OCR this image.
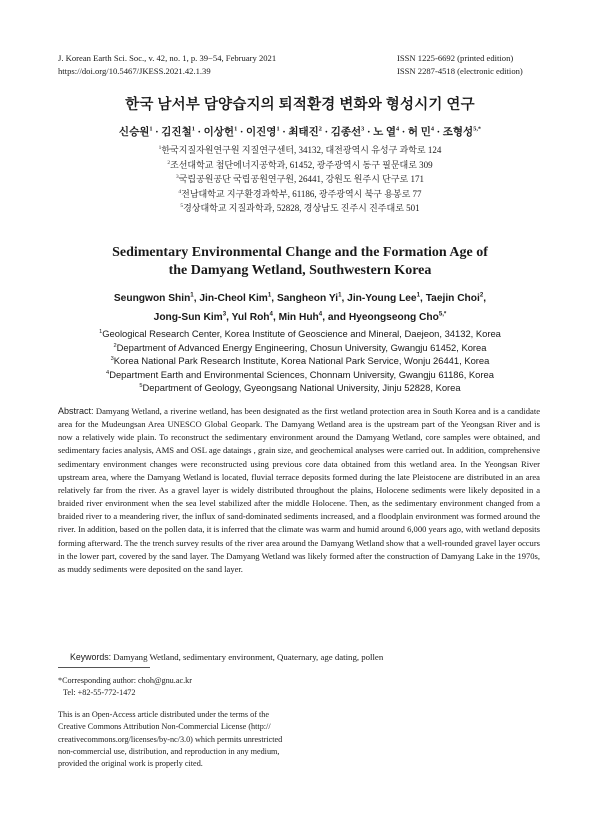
J. Korean Earth Sci. Soc., v. 42, no. 1, p. 39−54, February 2021
https://doi.org/10.5467/JKESS.2021.42.1.39
ISSN 1225-6692 (printed edition)
ISSN 2287-4518 (electronic edition)
한국 남서부 담양습지의 퇴적환경 변화와 형성시기 연구
신승원$^1$ · 김진철$^1$ · 이상헌$^1$ · 이진영$^1$ · 최태진$^2$ · 김종선$^3$ · 노 열$^4$ · 허 민$^4$ · 조형성$^{5,*}$
$^1$한국지질자원연구원 지질연구센터, 34132, 대전광역시 유성구 과학로 124
$^2$조선대학교 첨단에너지공학과, 61452, 광주광역시 동구 필문대로 309
$^3$국립공원공단 국립공원연구원, 26441, 강원도 원주시 단구로 171
$^4$전남대학교 지구환경과학부, 61186, 광주광역시 북구 용봉로 77
$^5$경상대학교 지질과학과, 52828, 경상남도 진주시 진주대로 501
Sedimentary Environmental Change and the Formation Age of
the Damyang Wetland, Southwestern Korea
Seungwon Shin$^1$, Jin-Cheol Kim$^1$, Sangheon Yi$^1$, Jin-Young Lee$^1$, Taejin Choi$^2$,
Jong-Sun Kim$^3$, Yul Roh$^4$, Min Huh$^4$, and Hyeongseong Cho$^{5,*}$
$^1$Geological Research Center, Korea Institute of Geoscience and Mineral, Daejeon, 34132, Korea
$^2$Department of Advanced Energy Engineering, Chosun University, Gwangju 61452, Korea
$^3$Korea National Park Research Institute, Korea National Park Service, Wonju 26441, Korea
$^4$Department Earth and Environmental Sciences, Chonnam University, Gwangju 61186, Korea
$^5$Department of Geology, Gyeongsang National University, Jinju 52828, Korea
Abstract: Damyang Wetland, a riverine wetland, has been designated as the first wetland protection area in South Korea and is a candidate area for the Mudeungsan Area UNESCO Global Geopark. The Damyang Wetland area is the upstream part of the Yeongsan River and is now a relatively wide plain. To reconstruct the sedimentary environment around the Damyang Wetland, core samples were obtained, and sedimentary facies analysis, AMS and OSL age dataings , grain size, and geochemical analyses were carried out. In addition, comprehensive sedimentary environment changes were reconstructed using previous core data obtained from this wetland area. In the Yeongsan River upstream area, where the Damyang Wetland is located, fluvial terrace deposits formed during the late Pleistocene are distributed in an area relatively far from the river. As a gravel layer is widely distributed throughout the plains, Holocene sediments were likely deposited in a braided river environment when the sea level stabilized after the middle Holocene. Then, as the sedimentary environment changed from a braided river to a meandering river, the influx of sand-dominated sediments increased, and a floodplain environment was formed around the river. In addition, based on the pollen data, it is inferred that the climate was warm and humid around 6,000 years ago, with wetland deposits forming afterward. The the trench survey results of the river area around the Damyang Wetland show that a well-rounded gravel layer occurs in the lower part, covered by the sand layer. The Damyang Wetland was likely formed after the construction of Damyang Lake in the 1970s, as muddy sediments were deposited on the sand layer.
Keywords: Damyang Wetland, sedimentary environment, Quaternary, age dating, pollen
*Corresponding author: choh@gnu.ac.kr
Tel: +82-55-772-1472
This is an Open-Access article distributed under the terms of the
Creative Commons Attribution Non-Commercial License (http://
creativecommons.org/licenses/by-nc/3.0) which permits unrestricted
non-commercial use, distribution, and reproduction in any medium,
provided the original work is properly cited.
